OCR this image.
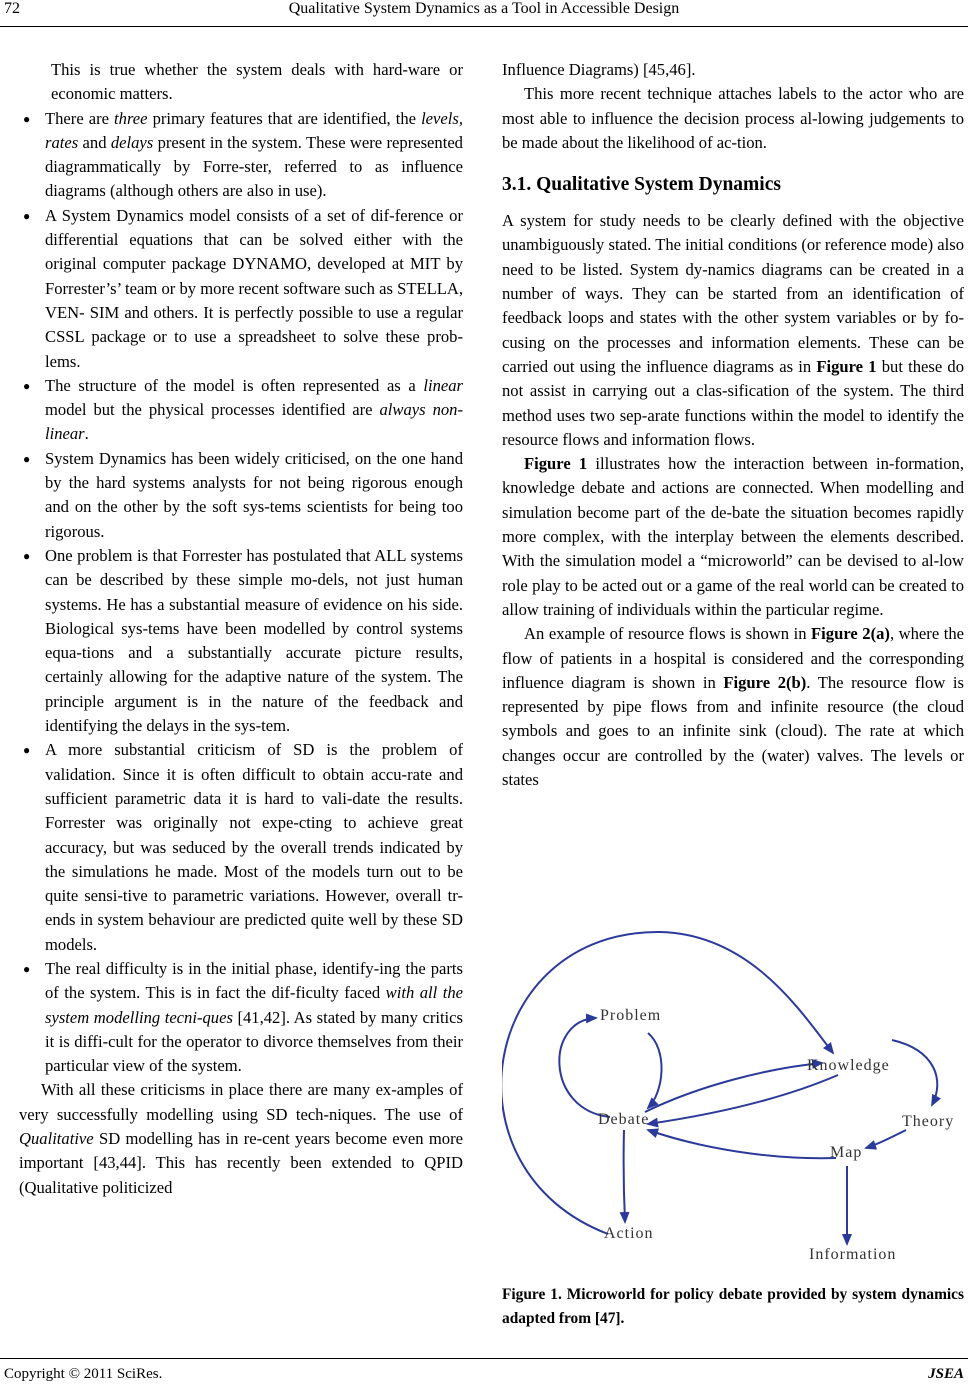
72	Qualitative System Dynamics as a Tool in Accessible Design

This is true whether the system deals with hard-ware or economic matters.

● There are three primary features that are identified, the levels, rates and delays present in the system. These were represented diagrammatically by Forre-ster, referred to as influence diagrams (although others are also in use).
● A System Dynamics model consists of a set of dif-ference or differential equations that can be solved either with the original computer package DYNAMO, developed at MIT by Forrester’s’ team or by more recent software such as STELLA, VEN- SIM and others. It is perfectly possible to use a regular CSSL package or to use a spreadsheet to solve these prob-lems.
● The structure of the model is often represented as a linear model but the physical processes identified are always non-linear.
● System Dynamics has been widely criticised, on the one hand by the hard systems analysts for not being rigorous enough and on the other by the soft sys-tems scientists for being too rigorous.
● One problem is that Forrester has postulated that ALL systems can be described by these simple mo-dels, not just human systems. He has a substantial measure of evidence on his side. Biological sys-tems have been modelled by control systems equa-tions and a substantially accurate picture results, certainly allowing for the adaptive nature of the system. The principle argument is in the nature of the feedback and identifying the delays in the sys-tem.
● A more substantial criticism of SD is the problem of validation. Since it is often difficult to obtain accu-rate and sufficient parametric data it is hard to vali-date the results. Forrester was originally not expe-cting to achieve great accuracy, but was seduced by the overall trends indicated by the simulations he made. Most of the models turn out to be quite sensi-tive to parametric variations. However, overall tr-ends in system behaviour are predicted quite well by these SD models.
● The real difficulty is in the initial phase, identify-ing the parts of the system. This is in fact the dif-ficulty faced with all the system modelling tecni-ques [41,42]. As stated by many critics it is diffi-cult for the operator to divorce themselves from their particular view of the system.

With all these criticisms in place there are many ex-amples of very successfully modelling using SD tech-niques. The use of Qualitative SD modelling has in re-cent years become even more important [43,44]. This has recently been extended to QPID (Qualitative politicized

Influence Diagrams) [45,46].

This more recent technique attaches labels to the actor who are most able to influence the decision process al-lowing judgements to be made about the likelihood of ac-tion.

3.1. Qualitative System Dynamics

A system for study needs to be clearly defined with the objective unambiguously stated. The initial conditions (or reference mode) also need to be listed. System dy-namics diagrams can be created in a number of ways. They can be started from an identification of feedback loops and states with the other system variables or by fo-cusing on the processes and information elements. These can be carried out using the influence diagrams as in Figure 1 but these do not assist in carrying out a clas-sification of the system. The third method uses two sep-arate functions within the model to identify the resource flows and information flows.

Figure 1 illustrates how the interaction between in-formation, knowledge debate and actions are connected. When modelling and simulation become part of the de-bate the situation becomes rapidly more complex, with the interplay between the elements described. With the simulation model a “microworld” can be devised to al-low role play to be acted out or a game of the real world can be created to allow training of individuals within the particular regime.

An example of resource flows is shown in Figure 2(a), where the flow of patients in a hospital is considered and the corresponding influence diagram is shown in Figure 2(b). The resource flow is represented by pipe flows from and infinite resource (the cloud symbols and goes to an infinite sink (cloud). The rate at which changes occur are controlled by the (water) valves. The levels or states

Problem
Knowledge
Debate	Theory
Map
Action
Information
Figure 1. Microworld for policy debate provided by system dynamics adapted from [47].
Copyright © 2011 SciRes.	JSEA
